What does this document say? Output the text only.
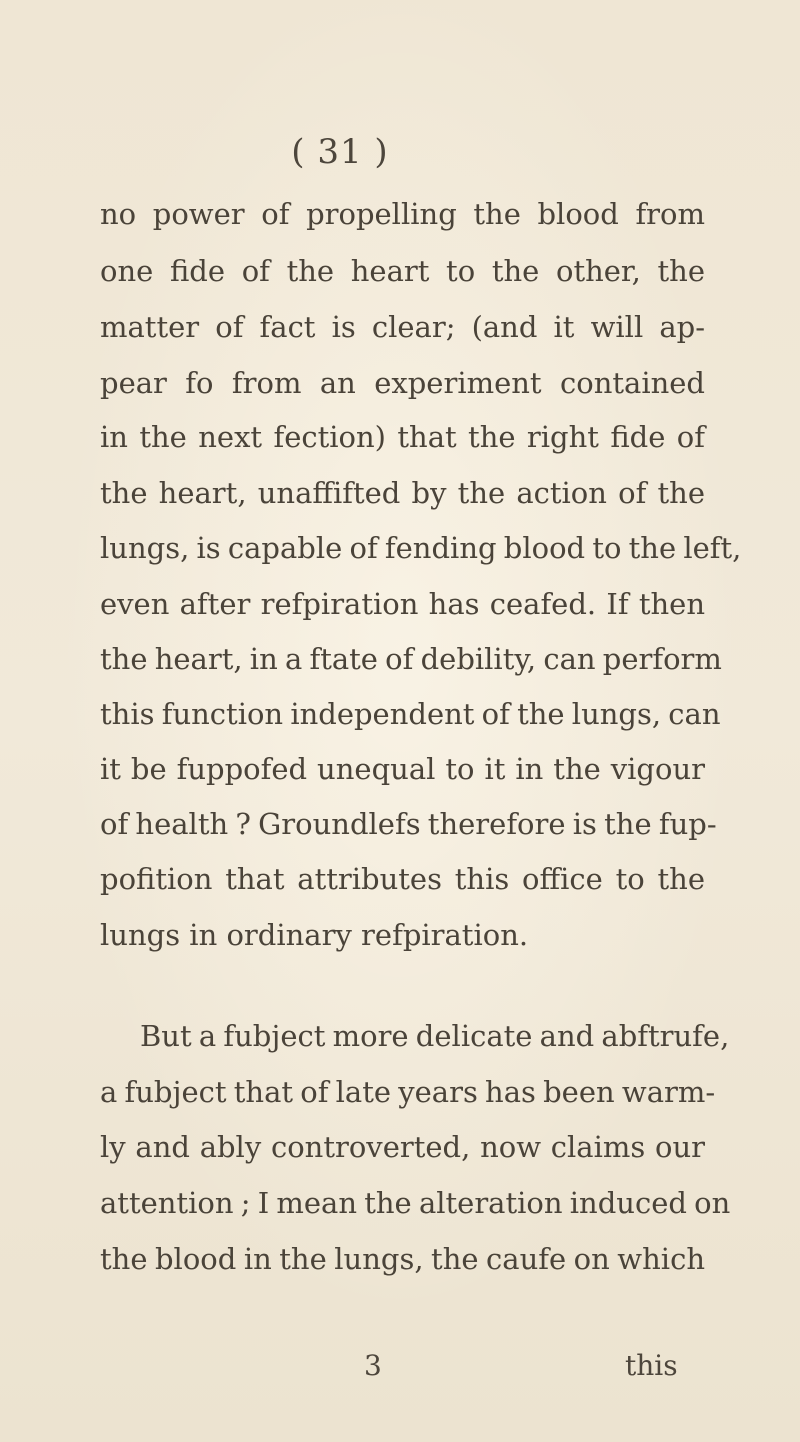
( 31 )
no power of propelling the blood from
one fide of the heart to the other, the
matter of fact is clear; (and it will ap-
pear fo from an experiment contained
in the next fection) that the right fide of
the heart, unaffifted by the action of the
lungs, is capable of fending blood to the left,
even after refpiration has ceafed. If then
the heart, in a ftate of debility, can perform
this function independent of the lungs, can
it be fuppofed unequal to it in the vigour
of health ? Groundlefs therefore is the fup-
pofition that attributes this office to the
lungs in ordinary refpiration.
But a fubject more delicate and abftrufe,
a fubject that of late years has been warm-
ly and ably controverted, now claims our
attention ; I mean the alteration induced on
the blood in the lungs, the caufe on which
3	this
